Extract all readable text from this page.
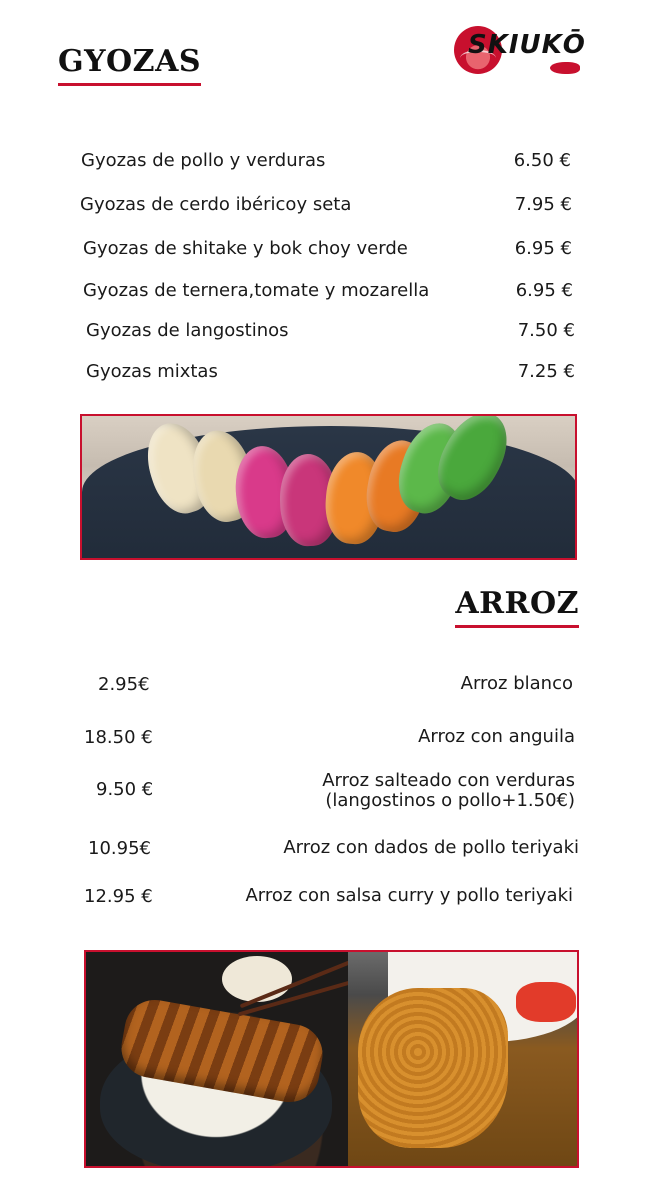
GYOZAS	SKIUKŌ
Gyozas de pollo y verduras	6.50 €
Gyozas de cerdo ibéricoy seta	7.95 €
Gyozas de shitake y bok choy verde	6.95 €
Gyozas de ternera,tomate y mozarella	6.95 €
Gyozas de langostinos	7.50 €
Gyozas mixtas	7.25 €
ARROZ
2.95€	Arroz blanco
18.50 €	Arroz con anguila
9.50 €	Arroz salteado con verduras
(langostinos o pollo+1.50€)
10.95€	Arroz con dados de pollo teriyaki
12.95 €	Arroz con salsa curry y pollo teriyaki
